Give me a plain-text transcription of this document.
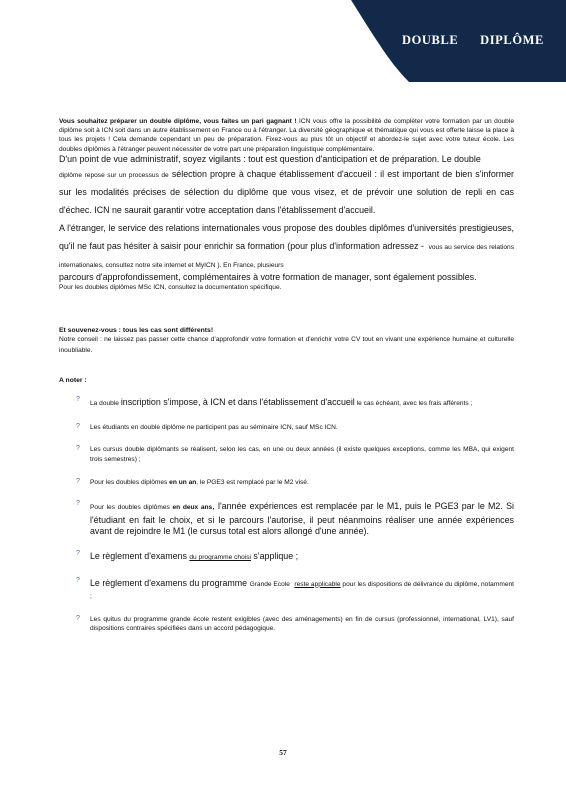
DOUBLE DIPLÔME

Vous souhaitez préparer un double diplôme, vous faites un pari gagnant ! ICN vous offre la possibilité de compléter votre formation par un double diplôme soit à ICN soit dans un autre établissement en France ou à l'étranger. La diversité géographique et thématique qui vous est offerte laisse la place à tous les projets ! Cela demande cependant un peu de préparation. Fixez-vous au plus tôt un objectif et abordez-le sujet avec votre tuteur école. Les doubles diplômes à l'étranger peuvent nécessiter de votre part une préparation linguistique complémentaire.

D'un point de vue administratif, soyez vigilants : tout est question d'anticipation et de préparation. Le double

diplôme repose sur un processus de sélection propre à chaque établissement d'accueil : il est important de bien s'informer sur les modalités précises de sélection du diplôme que vous visez, et de prévoir une solution de repli en cas d'échec. ICN ne saurait garantir votre acceptation dans l'établissement d'accueil.

A l'étranger, le service des relations internationales vous propose des doubles diplômes d'universités prestigieuses, qu'il ne faut pas hésiter à saisir pour enrichir sa formation (pour plus d'information adressez - vous au service des relations internationales, consultez notre site internet et MyICN ). En France, plusieurs

parcours d'approfondissement, complémentaires à votre formation de manager, sont également possibles.

Pour les doubles diplômes MSc ICN, consultez la documentation spécifique.

Et souvenez-vous : tous les cas sont différents!

Notre conseil : ne laissez pas passer cette chance d'approfondir votre formation et d'enrichir votre CV tout en vivant une expérience humaine et culturelle inoubliable.

A noter :
?
La double inscription s'impose, à ICN et dans l'établissement d'accueil le cas échéant, avec les frais afférents ;
? Les étudiants en double diplôme ne participent pas au séminaire ICN, sauf MSc ICN.
? Les cursus double diplômants se réalisent, selon les cas, en une ou deux années (il existe quelques exceptions, comme les MBA, qui exigent trois semestres) ;
? Pour les doubles diplômes en un an, le PGE3 est remplacé par le M2 visé.
?
Pour les doubles diplômes en deux ans, l'année expériences est remplacée par le M1, puis le PGE3 par le M2. Si l'étudiant en fait le choix, et si le parcours l'autorise, il peut néanmoins réaliser une année expériences avant de rejoindre le M1 (le cursus total est alors allongé d'une année).
? Le règlement d'examens du programme choisi s'applique ;
? Le règlement d'examens du programme Grande Ecole reste applicable pour les dispositions de délivrance du diplôme, notamment ;
? Les quitus du programme grande école restent exigibles (avec des aménagements) en fin de cursus (professionnel, international, LV1), sauf dispositions contraires spécifiées dans un accord pédagogique.
57
